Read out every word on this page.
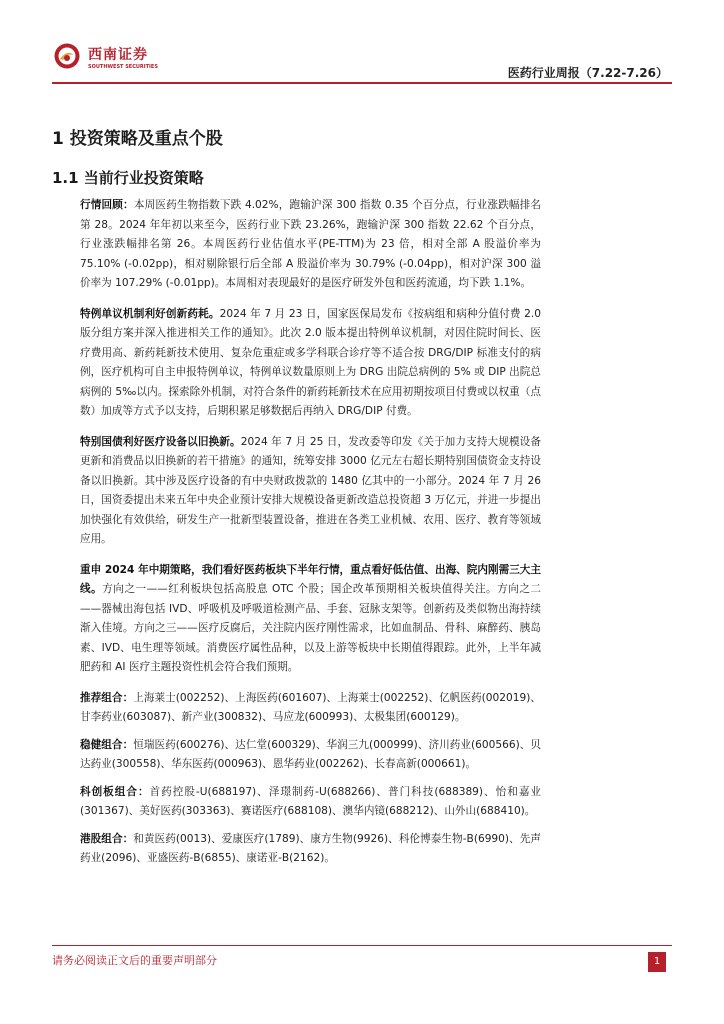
西南证券
SOUTHWEST SECURITIES	医药行业周报（7.22-7.26）
1 投资策略及重点个股
1.1 当前行业投资策略

行情回顾：本周医药生物指数下跌 4.02%，跑输沪深 300 指数 0.35 个百分点，行业涨跌幅排名第 28。2024 年年初以来至今，医药行业下跌 23.26%，跑输沪深 300 指数 22.62 个百分点，行业涨跌幅排名第 26。本周医药行业估值水平(PE-TTM)为 23 倍，相对全部 A 股溢价率为 75.10% (-0.02pp)，相对剔除银行后全部 A 股溢价率为 30.79% (-0.04pp)，相对沪深 300 溢价率为 107.29% (-0.01pp)。本周相对表现最好的是医疗研发外包和医药流通，均下跌 1.1%。

特例单议机制利好创新药耗。2024 年 7 月 23 日，国家医保局发布《按病组和病种分值付费 2.0 版分组方案并深入推进相关工作的通知》。此次 2.0 版本提出特例单议机制，对因住院时间长、医疗费用高、新药耗新技术使用、复杂危重症或多学科联合诊疗等不适合按 DRG/DIP 标准支付的病例，医疗机构可自主申报特例单议，特例单议数量原则上为 DRG 出院总病例的 5% 或 DIP 出院总病例的 5‰以内。探索除外机制，对符合条件的新药耗新技术在应用初期按项目付费或以权重（点数）加成等方式予以支持，后期积累足够数据后再纳入 DRG/DIP 付费。

特别国债利好医疗设备以旧换新。2024 年 7 月 25 日，发改委等印发《关于加力支持大规模设备更新和消费品以旧换新的若干措施》的通知，统筹安排 3000 亿元左右超长期特别国债资金支持设备以旧换新。其中涉及医疗设备的有中央财政拨款的 1480 亿其中的一小部分。2024 年 7 月 26 日，国资委提出未来五年中央企业预计安排大规模设备更新改造总投资超 3 万亿元，并进一步提出加快强化有效供给，研发生产一批新型装置设备，推进在各类工业机械、农用、医疗、教育等领域应用。

重申 2024 年中期策略，我们看好医药板块下半年行情，重点看好低估值、出海、院内刚需三大主线。方向之一——红利板块包括高股息 OTC 个股；国企改革预期相关板块值得关注。方向之二——器械出海包括 IVD、呼吸机及呼吸道检测产品、手套、冠脉支架等。创新药及类似物出海持续渐入佳境。方向之三——医疗反腐后，关注院内医疗刚性需求，比如血制品、骨科、麻醉药、胰岛素、IVD、电生理等领域。消费医疗属性品种，以及上游等板块中长期值得跟踪。此外，上半年减肥药和 AI 医疗主题投资性机会符合我们预期。

推荐组合：上海莱士(002252)、上海医药(601607)、上海莱士(002252)、亿帆医药(002019)、甘李药业(603087)、新产业(300832)、马应龙(600993)、太极集团(600129)。

稳健组合：恒瑞医药(600276)、达仁堂(600329)、华润三九(000999)、济川药业(600566)、贝达药业(300558)、华东医药(000963)、恩华药业(002262)、长春高新(000661)。

科创板组合：首药控股-U(688197)、泽璟制药-U(688266)、普门科技(688389)、怡和嘉业(301367)、美好医药(303363)、赛诺医疗(688108)、澳华内镜(688212)、山外山(688410)。

港股组合：和黄医药(0013)、爱康医疗(1789)、康方生物(9926)、科伦博泰生物-B(6990)、先声药业(2096)、亚盛医药-B(6855)、康诺亚-B(2162)。

请务必阅读正文后的重要声明部分	1
